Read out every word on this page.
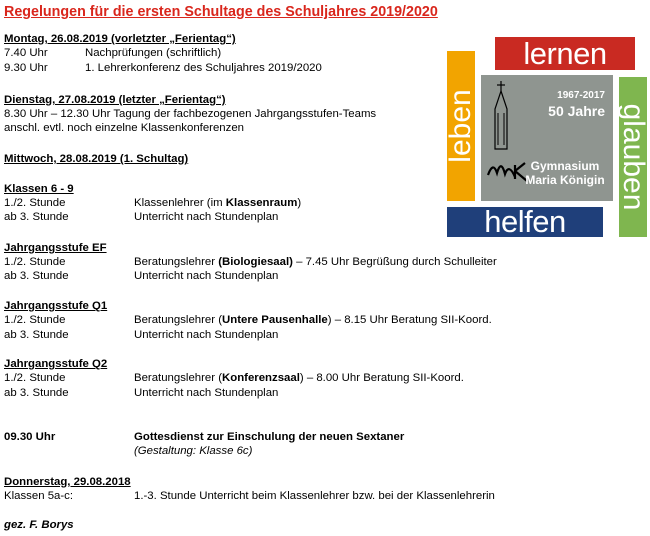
Regelungen für die ersten Schultage des Schuljahres 2019/2020
Montag, 26.08.2019 (vorletzter „Ferientag“)
7.40 Uhr	Nachprüfungen (schriftlich)
9.30 Uhr	1. Lehrerkonferenz des Schuljahres 2019/2020
Dienstag, 27.08.2019 (letzter „Ferientag“)
8.30 Uhr – 12.30 Uhr Tagung der fachbezogenen Jahrgangsstufen-Teams
anschl. evtl. noch einzelne Klassenkonferenzen
Mittwoch, 28.08.2019 (1. Schultag)
Klassen 6 - 9
1./2. Stunde	Klassenlehrer (im Klassenraum)
ab 3. Stunde	Unterricht nach Stundenplan
Jahrgangsstufe EF
1./2. Stunde	Beratungslehrer (Biologiesaal) – 7.45 Uhr Begrüßung durch Schulleiter
ab 3. Stunde	Unterricht nach Stundenplan
Jahrgangsstufe Q1
1./2. Stunde	Beratungslehrer (Untere Pausenhalle) – 8.15 Uhr Beratung SII-Koord.
ab 3. Stunde	Unterricht nach Stundenplan
Jahrgangsstufe Q2
1./2. Stunde	Beratungslehrer (Konferenzsaal) – 8.00 Uhr Beratung SII-Koord.
ab 3. Stunde	Unterricht nach Stundenplan
09.30 Uhr	Gottesdienst zur Einschulung der neuen Sextaner
(Gestaltung: Klasse 6c)
Donnerstag, 29.08.2018
Klassen 5a-c:	1.-3. Stunde Unterricht beim Klassenlehrer bzw. bei der Klassenlehrerin
gez. F. Borys
lernen
leben	glauben
1967-2017
50 Jahre
Gymnasium
Maria Königin
helfen
